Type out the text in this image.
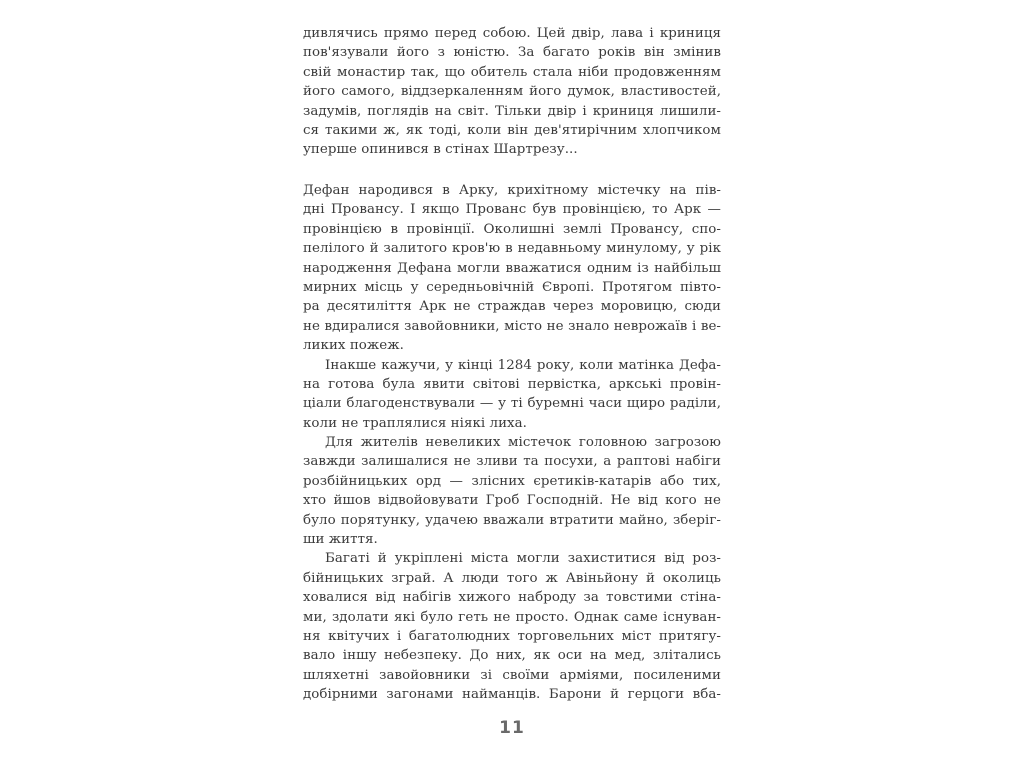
дивлячись прямо перед собою. Цей двір, лава і криниця
пов'язували його з юністю. За багато років він змінив
свій монастир так, що обитель стала ніби продовженням
його самого, віддзеркаленням його думок, властивостей,
задумів, поглядів на світ. Тільки двір і криниця лишили-
ся такими ж, як тоді, коли він дев'ятирічним хлопчиком
уперше опинився в стінах Шартрезу...
Дефан народився в Арку, крихітному містечку на пів-
дні Провансу. І якщо Прованс був провінцією, то Арк —
провінцією в провінції. Околишні землі Провансу, спо-
пелілого й залитого кров'ю в недавньому минулому, у рік
народження Дефана могли вважатися одним із найбільш
мирних місць у середньовічній Європі. Протягом півто-
ра десятиліття Арк не страждав через моровицю, сюди
не вдиралися завойовники, місто не знало неврожаїв і ве-
ликих пожеж.
Інакше кажучи, у кінці 1284 року, коли матінка Дефа-
на готова була явити світові первістка, аркські провін-
ціали благоденствували — у ті буремні часи щиро раділи,
коли не траплялися ніякі лиха.
Для жителів невеликих містечок головною загрозою
завжди залишалися не зливи та посухи, а раптові набіги
розбійницьких орд — злісних єретиків-катарів або тих,
хто йшов відвойовувати Гроб Господній. Не від кого не
було порятунку, удачею вважали втратити майно, зберіг-
ши життя.
Багаті й укріплені міста могли захиститися від роз-
бійницьких зграй. А люди того ж Авіньйону й околиць
ховалися від набігів хижого наброду за товстими стіна-
ми, здолати які було геть не просто. Однак саме існуван-
ня квітучих і багатолюдних торговельних міст притягу-
вало іншу небезпеку. До них, як оси на мед, злітались
шляхетні завойовники зі своїми арміями, посиленими
добірними загонами найманців. Барони й герцоги вба-
11
